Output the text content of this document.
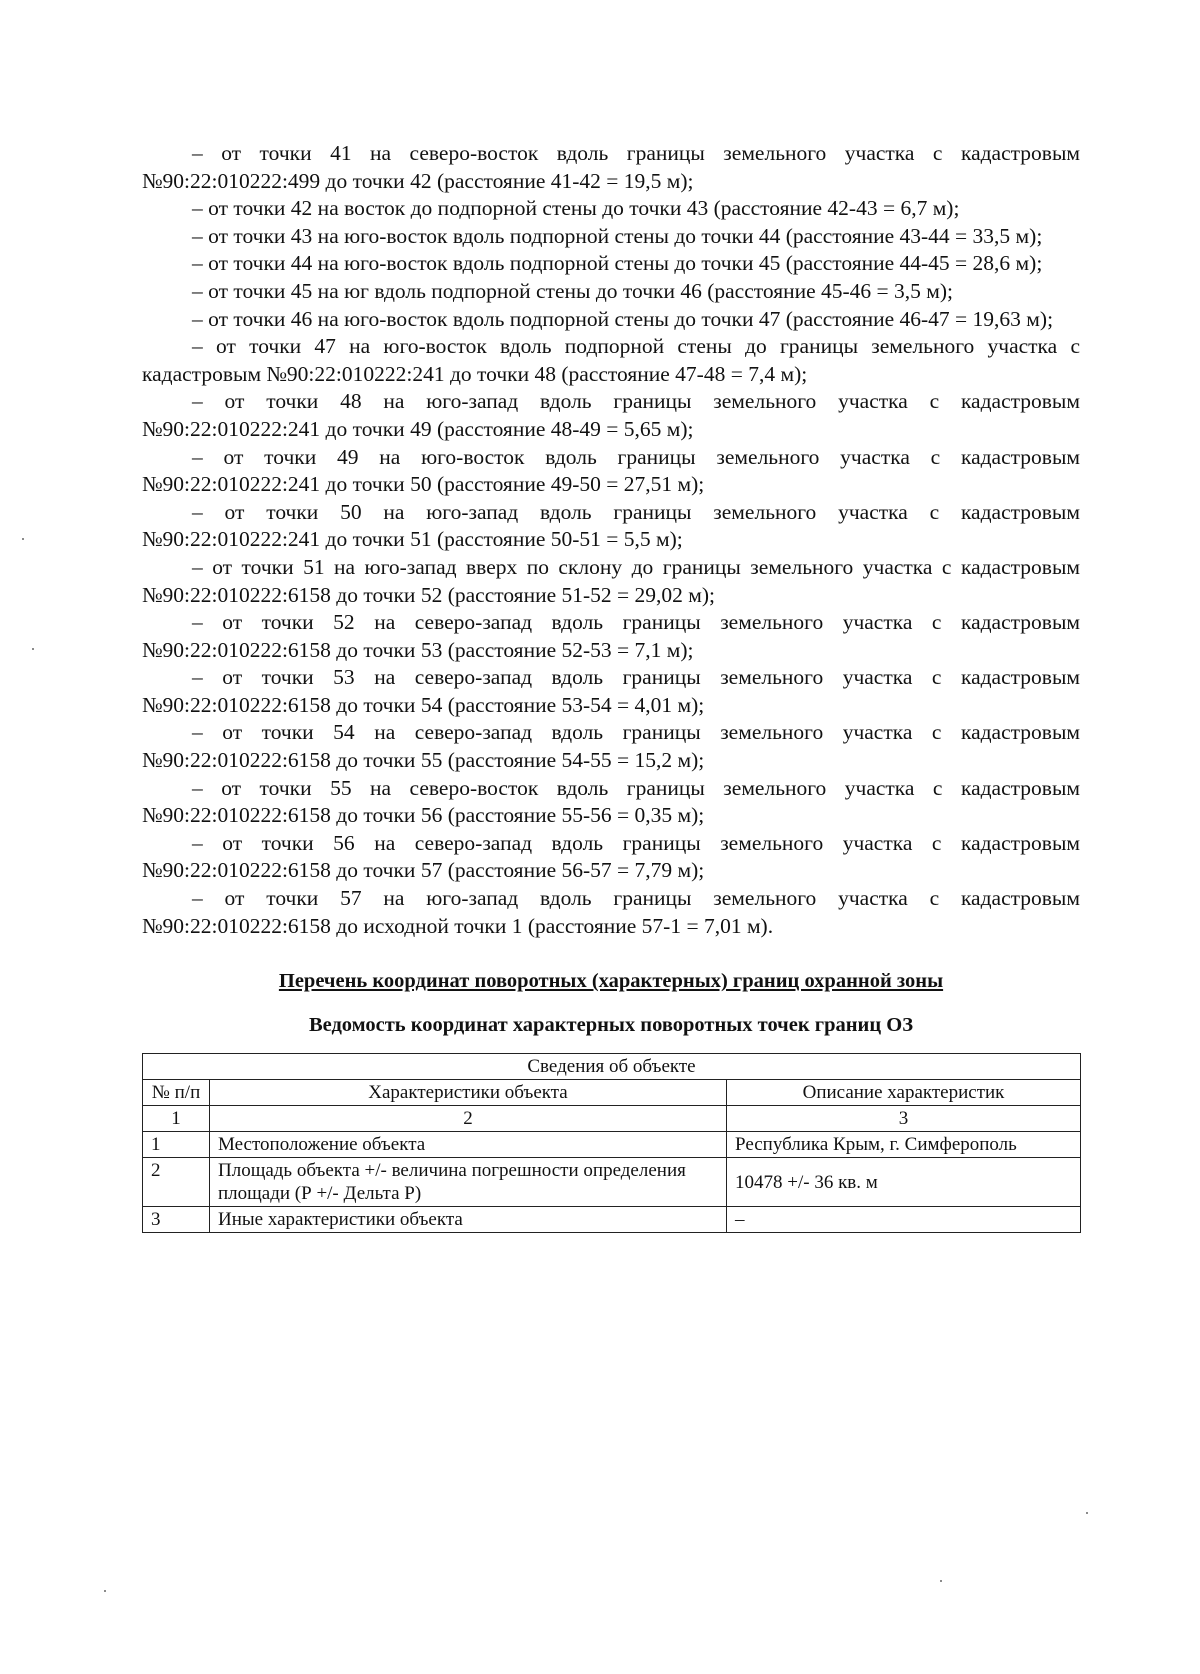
– от точки 41 на северо-восток вдоль границы земельного участка с кадастровым №90:22:010222:499 до точки 42 (расстояние 41-42 = 19,5 м);

– от точки 42 на восток до подпорной стены до точки 43 (расстояние 42-43 = 6,7 м);

– от точки 43 на юго-восток вдоль подпорной стены до точки 44 (расстояние 43-44 = 33,5 м);

– от точки 44 на юго-восток вдоль подпорной стены до точки 45 (расстояние 44-45 = 28,6 м);

– от точки 45 на юг вдоль подпорной стены до точки 46 (расстояние 45-46 = 3,5 м);

– от точки 46 на юго-восток вдоль подпорной стены до точки 47 (расстояние 46-47 = 19,63 м);

– от точки 47 на юго-восток вдоль подпорной стены до границы земельного участка с кадастровым №90:22:010222:241 до точки 48 (расстояние 47-48 = 7,4 м);

– от точки 48 на юго-запад вдоль границы земельного участка с кадастровым №90:22:010222:241 до точки 49 (расстояние 48-49 = 5,65 м);

– от точки 49 на юго-восток вдоль границы земельного участка с кадастровым №90:22:010222:241 до точки 50 (расстояние 49-50 = 27,51 м);

– от точки 50 на юго-запад вдоль границы земельного участка с кадастровым №90:22:010222:241 до точки 51 (расстояние 50-51 = 5,5 м);

– от точки 51 на юго-запад вверх по склону до границы земельного участка с кадастровым №90:22:010222:6158 до точки 52 (расстояние 51-52 = 29,02 м);

– от точки 52 на северо-запад вдоль границы земельного участка с кадастровым №90:22:010222:6158 до точки 53 (расстояние 52-53 = 7,1 м);

– от точки 53 на северо-запад вдоль границы земельного участка с кадастровым №90:22:010222:6158 до точки 54 (расстояние 53-54 = 4,01 м);

– от точки 54 на северо-запад вдоль границы земельного участка с кадастровым №90:22:010222:6158 до точки 55 (расстояние 54-55 = 15,2 м);

– от точки 55 на северо-восток вдоль границы земельного участка с кадастровым №90:22:010222:6158 до точки 56 (расстояние 55-56 = 0,35 м);

– от точки 56 на северо-запад вдоль границы земельного участка с кадастровым №90:22:010222:6158 до точки 57 (расстояние 56-57 = 7,79 м);

– от точки 57 на юго-запад вдоль границы земельного участка с кадастровым №90:22:010222:6158 до исходной точки 1 (расстояние 57-1 = 7,01 м).

Перечень координат поворотных (характерных) границ охранной зоны
Ведомость координат характерных поворотных точек границ ОЗ
Сведения об объекте		
№ п/п	Характеристики объекта	Описание характеристик
1	2	3
1	Местоположение объекта	Республика Крым, г. Симферополь
2	Площадь объекта +/- величина погрешности определения площади (Р +/- Дельта Р)	10478 +/- 36 кв. м
3	Иные характеристики объекта	–
